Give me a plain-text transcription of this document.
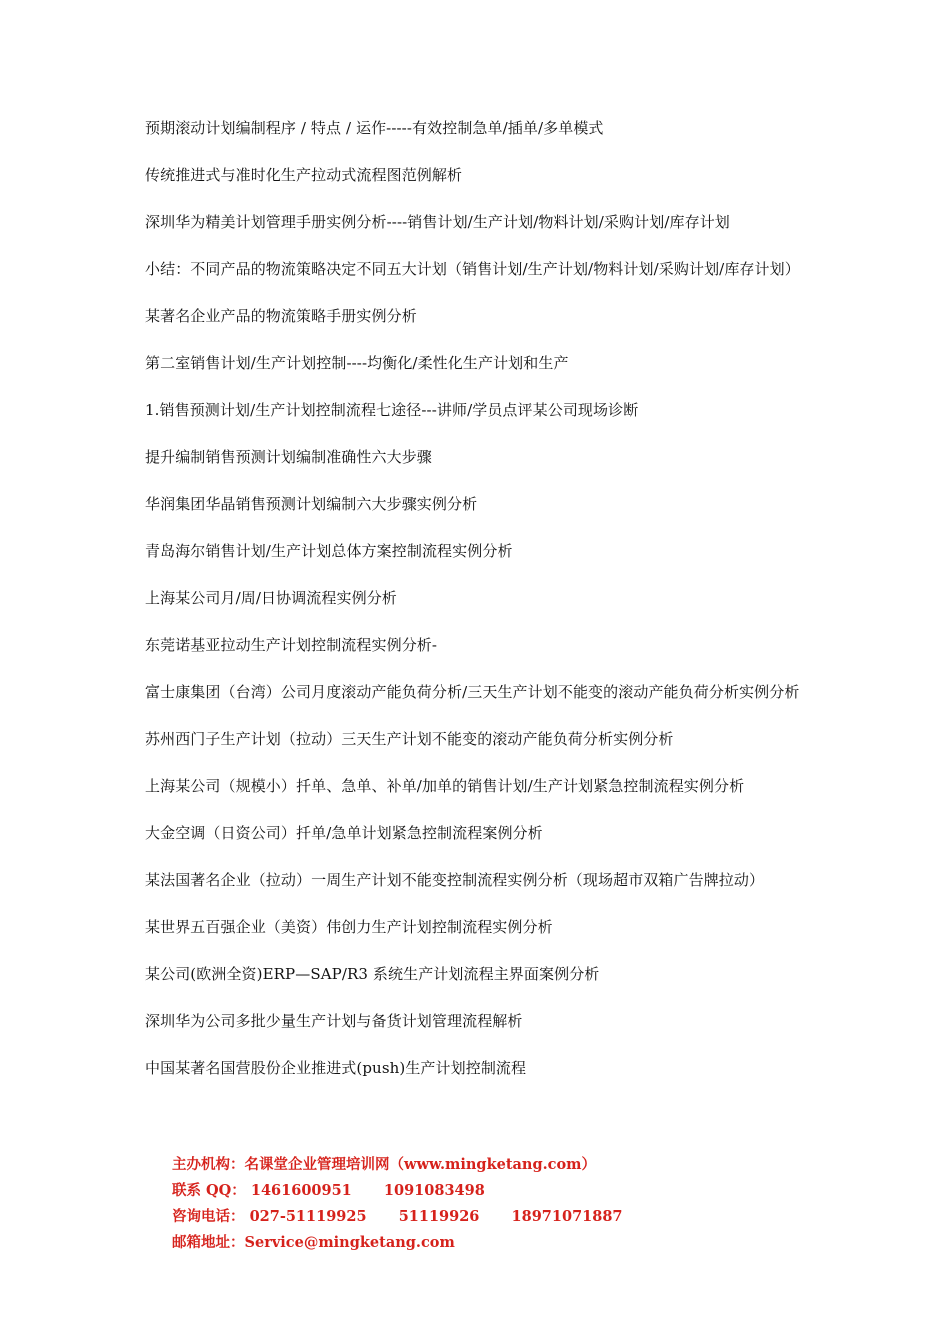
预期滚动计划编制程序 / 特点 / 运作-----有效控制急单/插单/多单模式

传统推进式与准时化生产拉动式流程图范例解析

深圳华为精美计划管理手册实例分析----销售计划/生产计划/物料计划/采购计划/库存计划

小结：不同产品的物流策略决定不同五大计划（销售计划/生产计划/物料计划/采购计划/库存计划）

某著名企业产品的物流策略手册实例分析

第二室销售计划/生产计划控制----均衡化/柔性化生产计划和生产

1.销售预测计划/生产计划控制流程七途径---讲师/学员点评某公司现场诊断

提升编制销售预测计划编制准确性六大步骤

华润集团华晶销售预测计划编制六大步骤实例分析

青岛海尔销售计划/生产计划总体方案控制流程实例分析

上海某公司月/周/日协调流程实例分析

东莞诺基亚拉动生产计划控制流程实例分析-

富士康集团（台湾）公司月度滚动产能负荷分析/三天生产计划不能变的滚动产能负荷分析实例分析

苏州西门子生产计划（拉动）三天生产计划不能变的滚动产能负荷分析实例分析

上海某公司（规模小）扦单、急单、补单/加单的销售计划/生产计划紧急控制流程实例分析

大金空调（日资公司）扦单/急单计划紧急控制流程案例分析

某法国著名企业（拉动）一周生产计划不能变控制流程实例分析（现场超市双箱广告牌拉动）

某世界五百强企业（美资）伟创力生产计划控制流程实例分析

某公司(欧洲全资)ERP—SAP/R3 系统生产计划流程主界面案例分析

深圳华为公司多批少量生产计划与备货计划管理流程解析

中国某著名国营股份企业推进式(push)生产计划控制流程

主办机构：名课堂企业管理培训网（www.mingketang.com）
联系 QQ： 1461600951 1091083498
咨询电话： 027-51119925 51119926 18971071887
邮箱地址：Service@mingketang.com
